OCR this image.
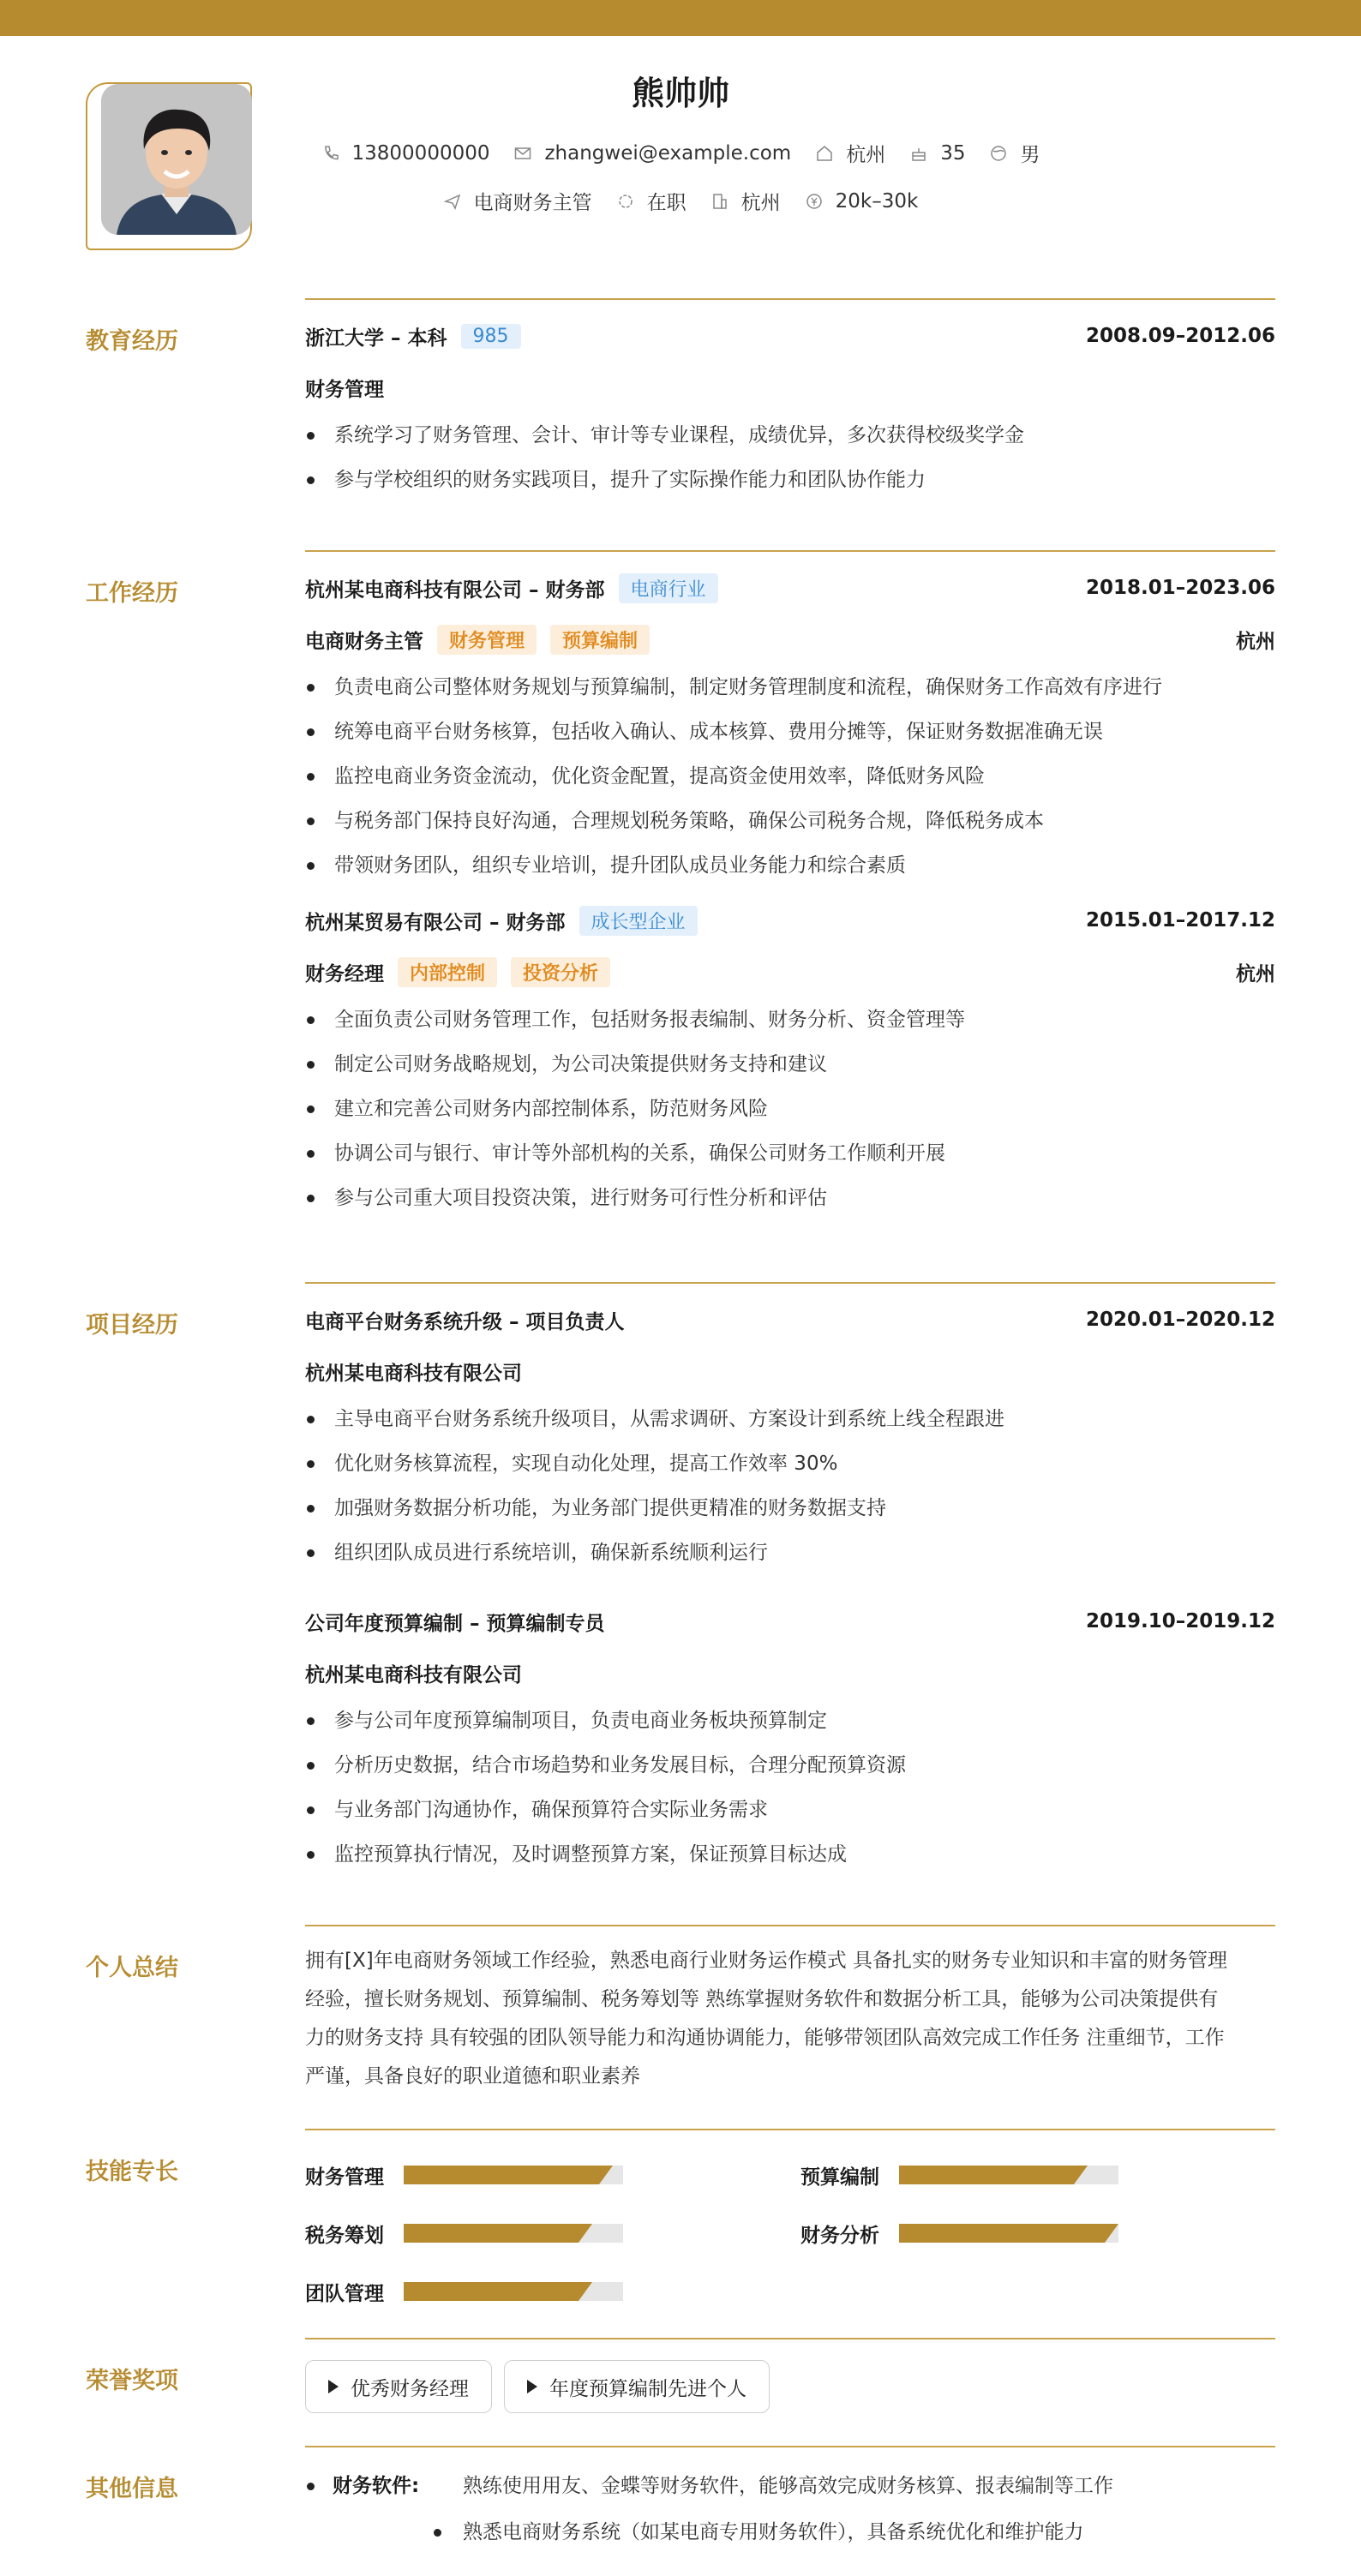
熊帅帅
13800000000	zhangwei@example.com	杭州	35	男
电商财务主管	在职	杭州	20k–30k
教育经历	浙江大学 – 本科	985	2008.09–2012.06
财务管理
系统学习了财务管理、会计、审计等专业课程，成绩优异，多次获得校级奖学金
参与学校组织的财务实践项目，提升了实际操作能力和团队协作能力
工作经历	杭州某电商科技有限公司 – 财务部	电商行业	2018.01–2023.06
电商财务主管	财务管理	预算编制	杭州
负责电商公司整体财务规划与预算编制，制定财务管理制度和流程，确保财务工作高效有序进行
统筹电商平台财务核算，包括收入确认、成本核算、费用分摊等，保证财务数据准确无误
监控电商业务资金流动，优化资金配置，提高资金使用效率，降低财务风险
与税务部门保持良好沟通，合理规划税务策略，确保公司税务合规，降低税务成本
带领财务团队，组织专业培训，提升团队成员业务能力和综合素质
杭州某贸易有限公司 – 财务部	成长型企业	2015.01–2017.12
财务经理	内部控制	投资分析	杭州
全面负责公司财务管理工作，包括财务报表编制、财务分析、资金管理等
制定公司财务战略规划，为公司决策提供财务支持和建议
建立和完善公司财务内部控制体系，防范财务风险
协调公司与银行、审计等外部机构的关系，确保公司财务工作顺利开展
参与公司重大项目投资决策，进行财务可行性分析和评估
项目经历	电商平台财务系统升级 – 项目负责人	2020.01–2020.12
杭州某电商科技有限公司
主导电商平台财务系统升级项目，从需求调研、方案设计到系统上线全程跟进
优化财务核算流程，实现自动化处理，提高工作效率 30%
加强财务数据分析功能，为业务部门提供更精准的财务数据支持
组织团队成员进行系统培训，确保新系统顺利运行
公司年度预算编制 – 预算编制专员	2019.10–2019.12
杭州某电商科技有限公司
参与公司年度预算编制项目，负责电商业务板块预算制定
分析历史数据，结合市场趋势和业务发展目标，合理分配预算资源
与业务部门沟通协作，确保预算符合实际业务需求
监控预算执行情况，及时调整预算方案，保证预算目标达成
个人总结	拥有[X]年电商财务领域工作经验，熟悉电商行业财务运作模式 具备扎实的财务专业知识和丰富的财务管理
经验，擅长财务规划、预算编制、税务筹划等 熟练掌握财务软件和数据分析工具，能够为公司决策提供有
力的财务支持 具有较强的团队领导能力和沟通协调能力，能够带领团队高效完成工作任务 注重细节，工作
严谨，具备良好的职业道德和职业素养
技能专长	财务管理	预算编制
税务筹划	财务分析
团队管理
荣誉奖项	优秀财务经理	年度预算编制先进个人
其他信息	财务软件: 熟练使用用友、金蝶等财务软件，能够高效完成财务核算、报表编制等工作
熟悉电商财务系统（如某电商专用财务软件），具备系统优化和维护能力
